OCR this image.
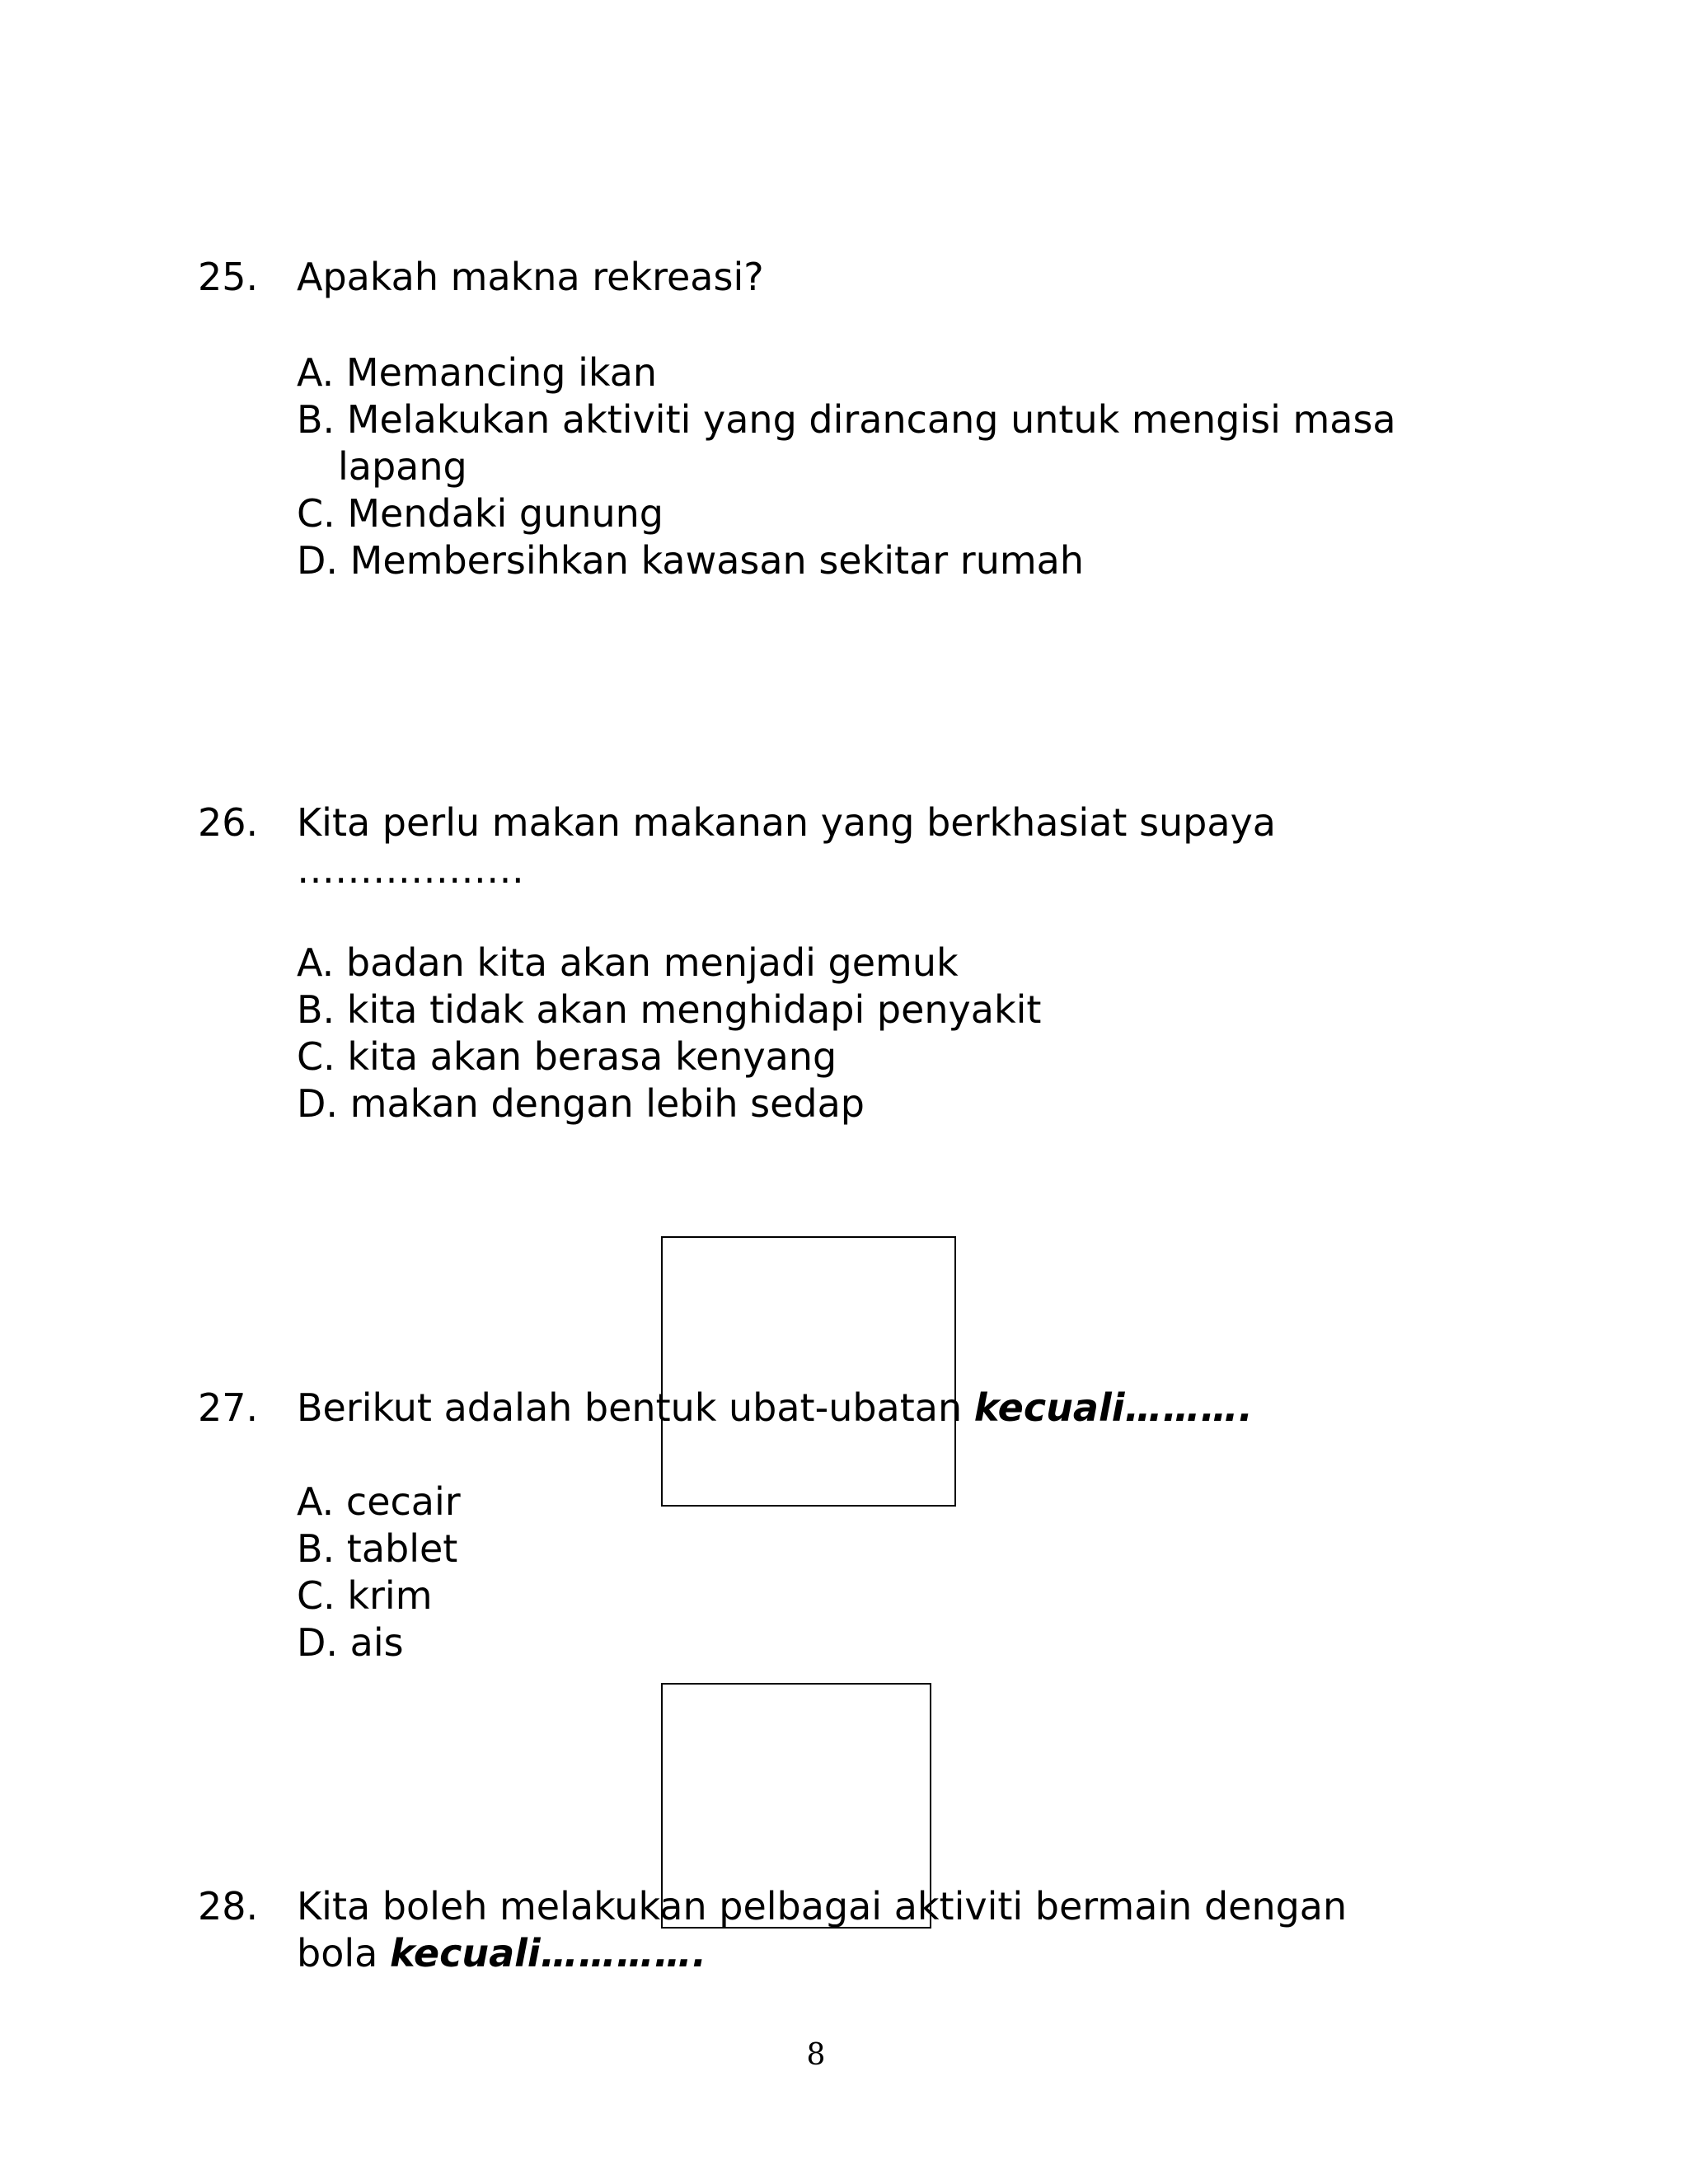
25. Apakah makna rekreasi?
A. Memancing ikan
B. Melakukan aktiviti yang dirancang untuk mengisi masa
lapang
C. Mendaki gunung
D. Membersihkan kawasan sekitar rumah
26. Kita perlu makan makanan yang berkhasiat supaya
………………
A. badan kita akan menjadi gemuk
B. kita tidak akan menghidapi penyakit
C. kita akan berasa kenyang
D. makan dengan lebih sedap
27. Berikut adalah bentuk ubat-ubatan kecuali……….
A. cecair
B. tablet
C. krim
D. ais
28. Kita boleh melakukan pelbagai aktiviti bermain dengan
bola kecuali………….
8
